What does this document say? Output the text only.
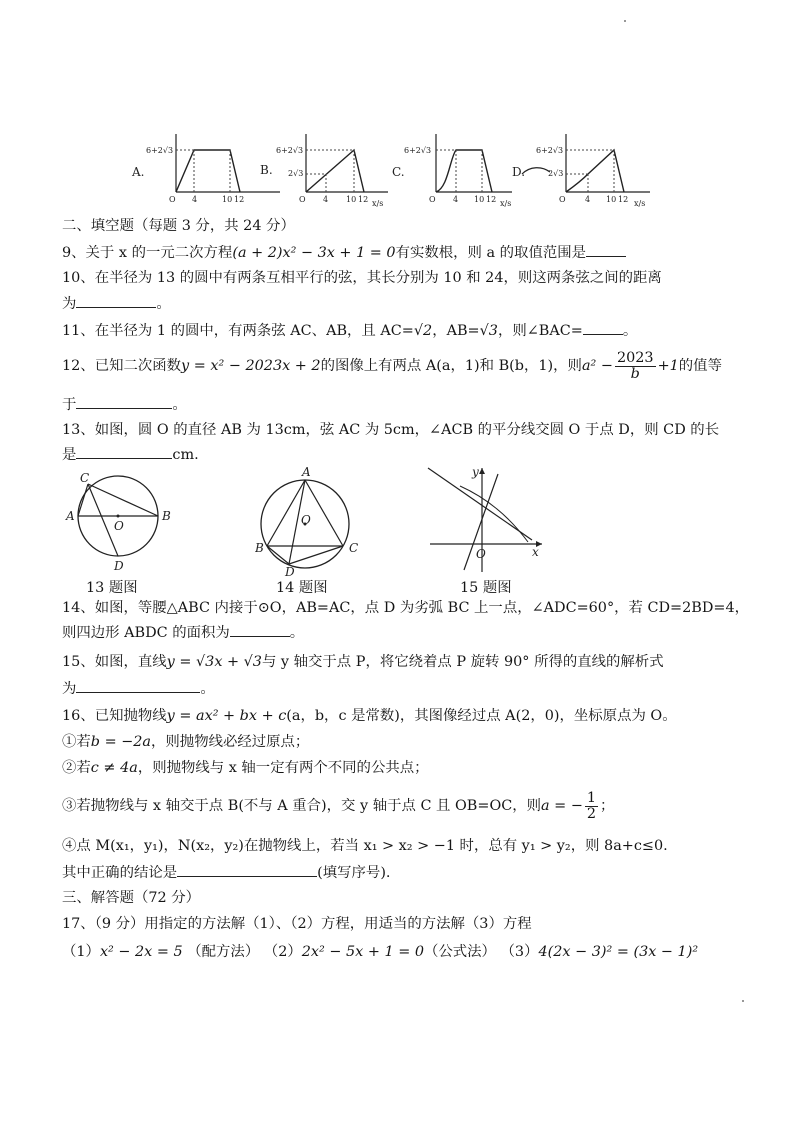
A.
6+2√3
O 4	10 12
B.
6+2√3
2√3
O 4 10 12 x/s
C.
6+2√3
O 4 10 12 x/s
D.
6+2√3
2√3
O 4 10 12 x/s
二、填空题（每题 3 分，共 24 分）
9、关于 x 的一元二次方程(a + 2)x² − 3x + 1 = 0有实数根，则 a 的取值范围是
10、在半径为 13 的圆中有两条互相平行的弦，其长分别为 10 和 24，则这两条弦之间的距离
为	。
11、在半径为 1 的圆中，有两条弦 AC、AB，且 AC=√2，AB=√3，则∠BAC=	。
12、已知二次函数y = x² − 2023x + 2的图像上有两点 A(a，1)和 B(b，1)，则$a^2 - \frac{2023}{b} +1$的值等
于	。
13、如图，圆 O 的直径 AB 为 13cm，弦 AC 为 5cm，∠ACB 的平分线交圆 O 于点 D，则 CD 的长
是	cm.
C
A
O
B
D
13 题图
A
O
B	C
D
14 题图
y
O	x
15 题图
14、如图，等腰△ABC 内接于⊙O，AB=AC，点 D 为劣弧 BC 上一点，∠ADC=60°，若 CD=2BD=4，
则四边形 ABDC 的面积为	。
15、如图，直线y = √3x + √3与 y 轴交于点 P，将它绕着点 P 旋转 90° 所得的直线的解析式
为	。
16、已知抛物线y = ax² + bx + c(a，b，c 是常数)，其图像经过点 A(2，0)，坐标原点为 O。
①若b = −2a，则抛物线必经过原点；
②若c ≠ 4a，则抛物线与 x 轴一定有两个不同的公共点；
③若抛物线与 x 轴交于点 B(不与 A 重合)，交 y 轴于点 C 且 OB=OC，则a = − $\frac{1}{2}$ ；
④点 M(x₁，y₁)，N(x₂，y₂)在抛物线上，若当 x₁ > x₂ > −1 时，总有 y₁ > y₂，则 8a+c≤0.
其中正确的结论是	(填写序号).
三、解答题（72 分）
17、（9 分）用指定的方法解（1）、（2）方程，用适当的方法解（3）方程
（1）x² − 2x = 5 （配方法） （2）2x² − 5x + 1 = 0（公式法） （3）4(2x − 3)² = (3x − 1)²
